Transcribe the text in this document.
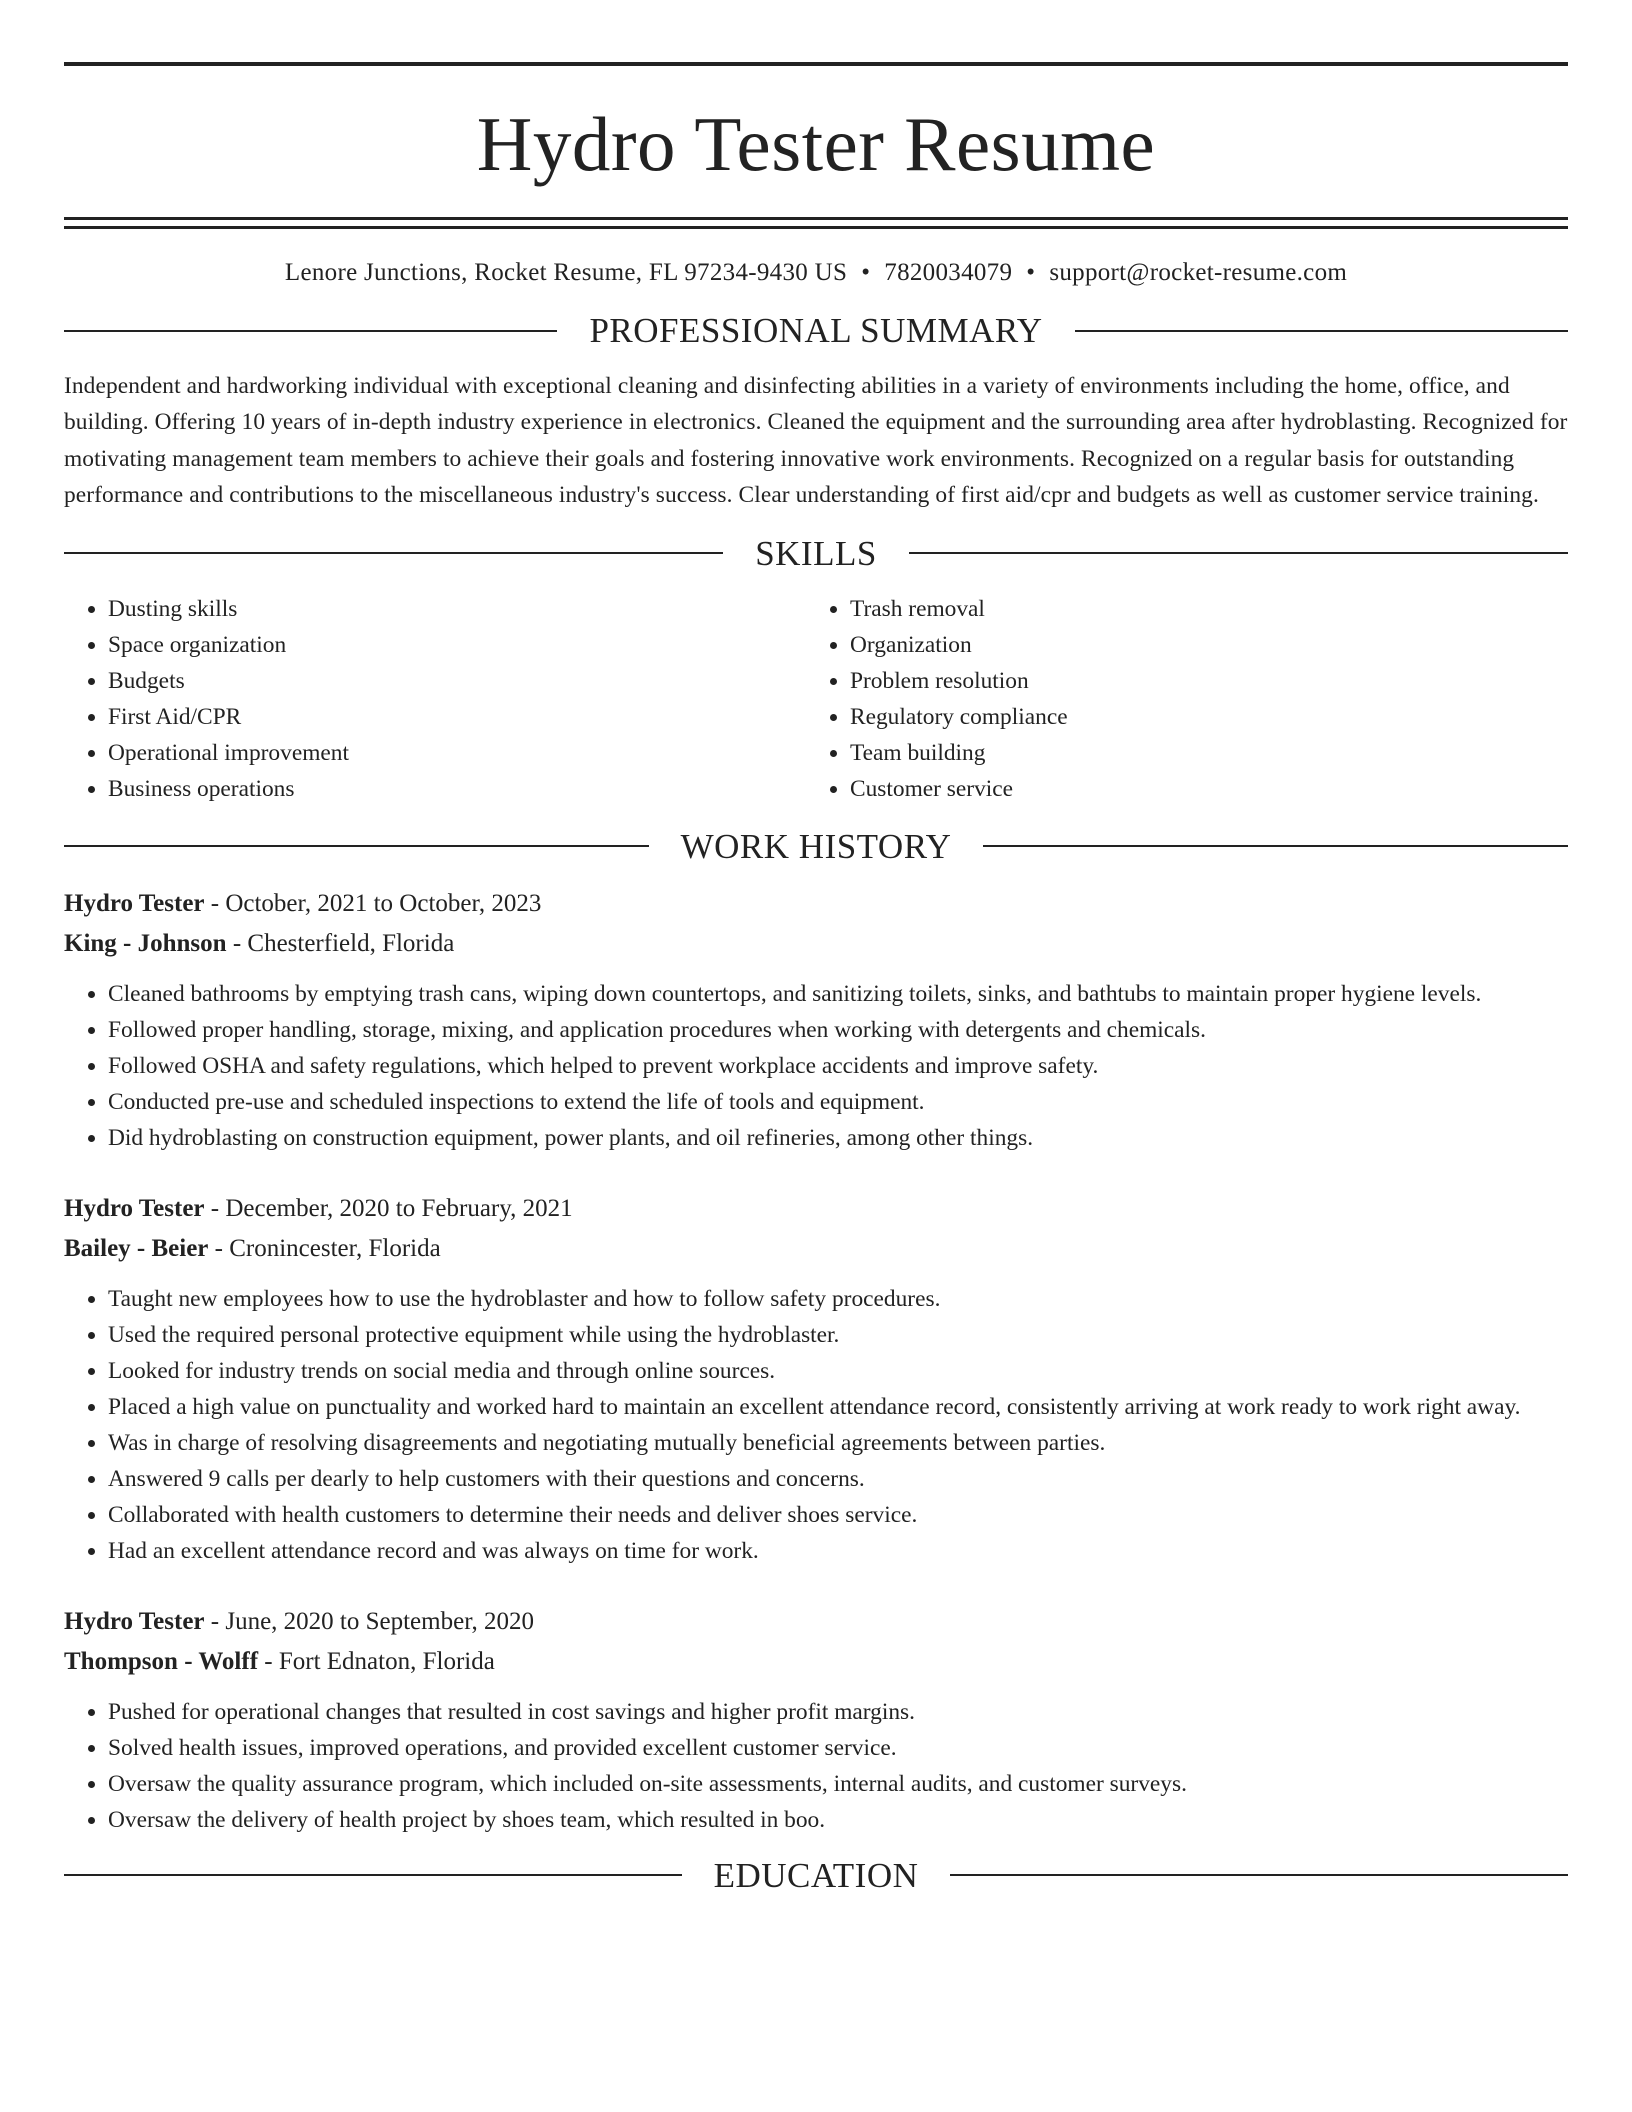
Hydro Tester Resume
Lenore Junctions, Rocket Resume, FL 97234-9430 US • 7820034079 • support@rocket-resume.com
PROFESSIONAL SUMMARY
Independent and hardworking individual with exceptional cleaning and disinfecting abilities in a variety of environments including the home, office, and building. Offering 10 years of in-depth industry experience in electronics. Cleaned the equipment and the surrounding area after hydroblasting. Recognized for motivating management team members to achieve their goals and fostering innovative work environments. Recognized on a regular basis for outstanding performance and contributions to the miscellaneous industry's success. Clear understanding of first aid/cpr and budgets as well as customer service training.
SKILLS
• Dusting skills
• Space organization
• Budgets
• First Aid/CPR
• Operational improvement
• Business operations
• Trash removal
• Organization
• Problem resolution
• Regulatory compliance
• Team building
• Customer service
WORK HISTORY
Hydro Tester - October, 2021 to October, 2023
King - Johnson - Chesterfield, Florida
• Cleaned bathrooms by emptying trash cans, wiping down countertops, and sanitizing toilets, sinks, and bathtubs to maintain proper hygiene levels.
• Followed proper handling, storage, mixing, and application procedures when working with detergents and chemicals.
• Followed OSHA and safety regulations, which helped to prevent workplace accidents and improve safety.
• Conducted pre-use and scheduled inspections to extend the life of tools and equipment.
• Did hydroblasting on construction equipment, power plants, and oil refineries, among other things.
Hydro Tester - December, 2020 to February, 2021
Bailey - Beier - Cronincester, Florida
• Taught new employees how to use the hydroblaster and how to follow safety procedures.
• Used the required personal protective equipment while using the hydroblaster.
• Looked for industry trends on social media and through online sources.
• Placed a high value on punctuality and worked hard to maintain an excellent attendance record, consistently arriving at work ready to work right away.
• Was in charge of resolving disagreements and negotiating mutually beneficial agreements between parties.
• Answered 9 calls per dearly to help customers with their questions and concerns.
• Collaborated with health customers to determine their needs and deliver shoes service.
• Had an excellent attendance record and was always on time for work.
Hydro Tester - June, 2020 to September, 2020
Thompson - Wolff - Fort Ednaton, Florida
• Pushed for operational changes that resulted in cost savings and higher profit margins.
• Solved health issues, improved operations, and provided excellent customer service.
• Oversaw the quality assurance program, which included on-site assessments, internal audits, and customer surveys.
• Oversaw the delivery of health project by shoes team, which resulted in boo.
EDUCATION
